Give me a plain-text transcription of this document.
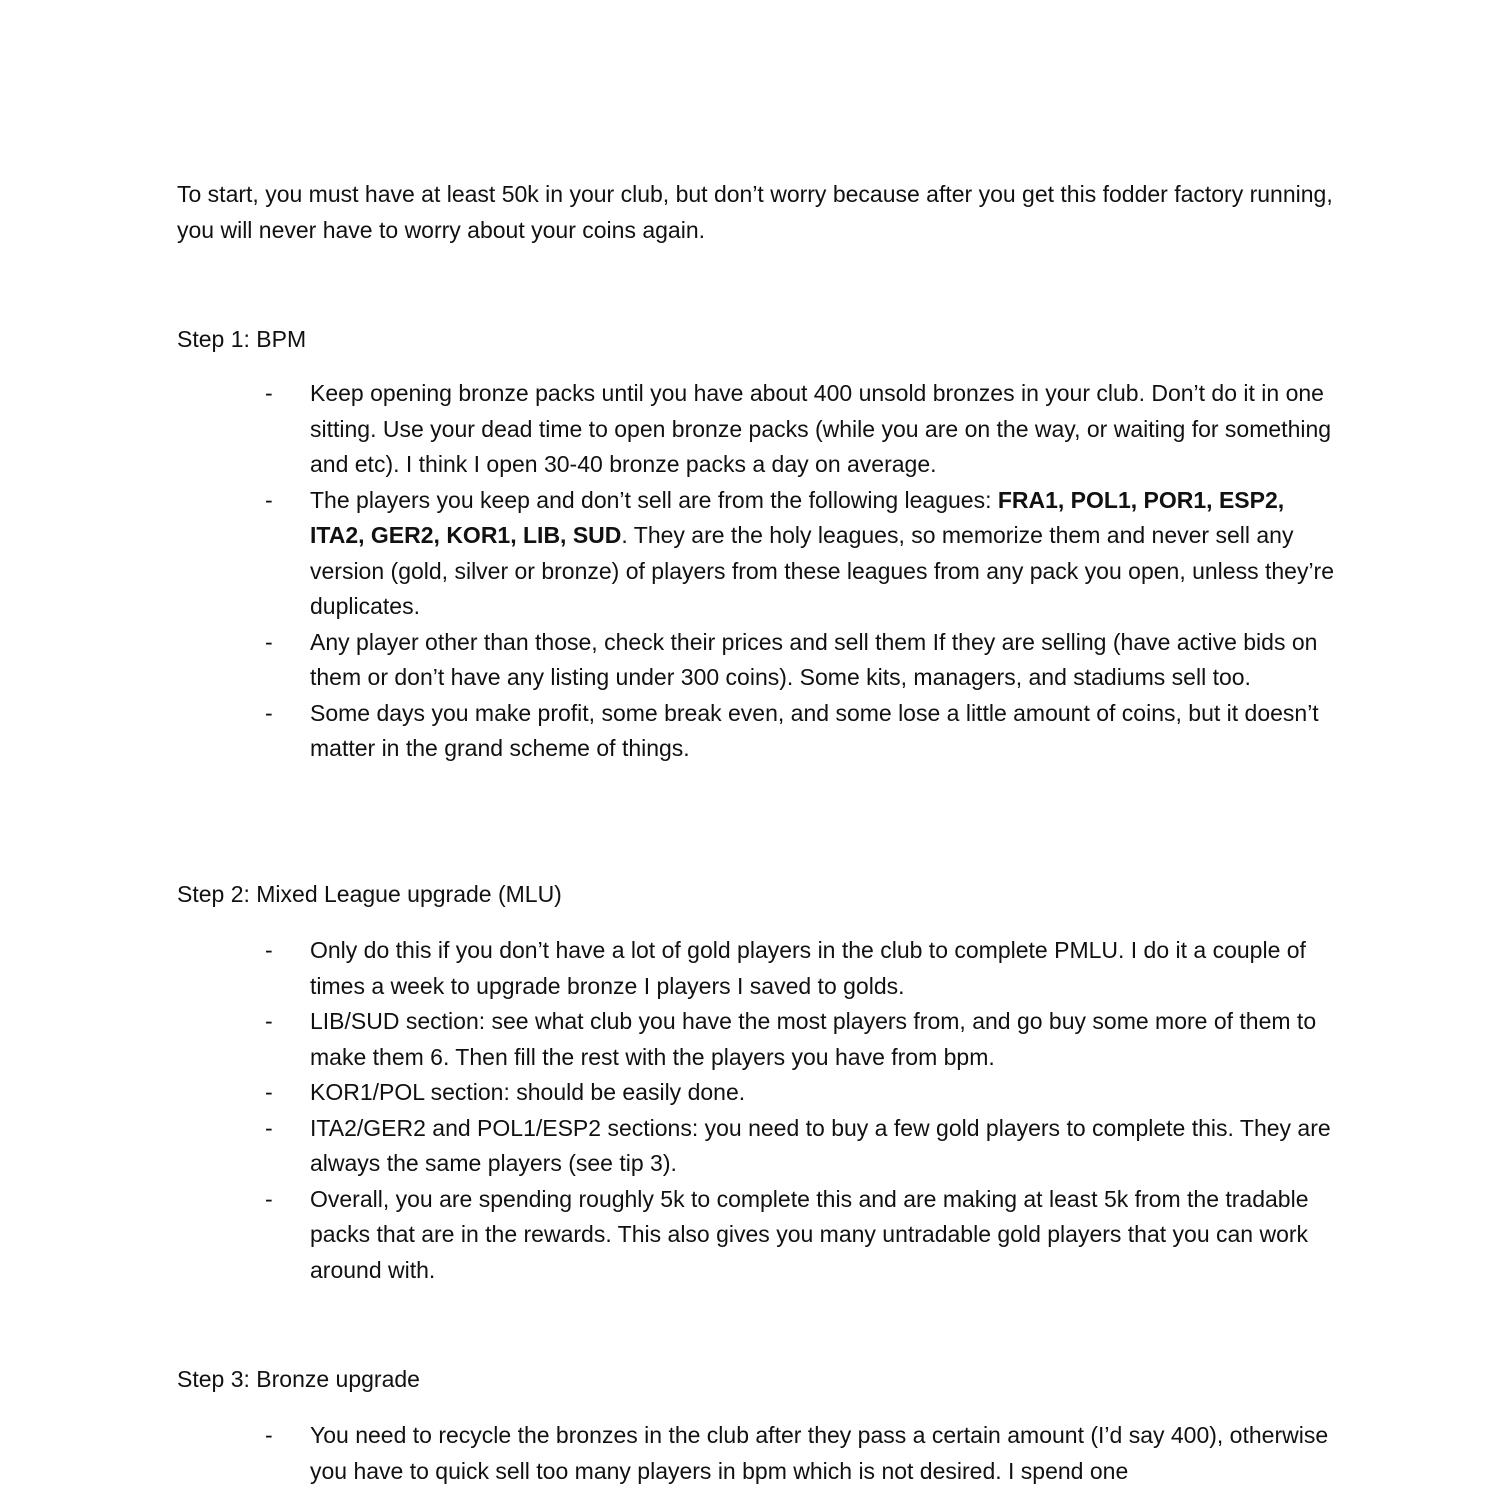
To start, you must have at least 50k in your club, but don’t worry because after you get this fodder factory running, you will never have to worry about your coins again.

Step 1: BPM
- Keep opening bronze packs until you have about 400 unsold bronzes in your club. Don’t do it in one sitting. Use your dead time to open bronze packs (while you are on the way, or waiting for something and etc). I think I open 30-40 bronze packs a day on average.
- The players you keep and don’t sell are from the following leagues: FRA1, POL1, POR1, ESP2, ITA2, GER2, KOR1, LIB, SUD. They are the holy leagues, so memorize them and never sell any version (gold, silver or bronze) of players from these leagues from any pack you open, unless they’re duplicates.
- Any player other than those, check their prices and sell them If they are selling (have active bids on them or don’t have any listing under 300 coins). Some kits, managers, and stadiums sell too.
- Some days you make profit, some break even, and some lose a little amount of coins, but it doesn’t matter in the grand scheme of things.
Step 2: Mixed League upgrade (MLU)
- Only do this if you don’t have a lot of gold players in the club to complete PMLU. I do it a couple of times a week to upgrade bronze I players I saved to golds.
- LIB/SUD section: see what club you have the most players from, and go buy some more of them to make them 6. Then fill the rest with the players you have from bpm.
- KOR1/POL section: should be easily done.
- ITA2/GER2 and POL1/ESP2 sections: you need to buy a few gold players to complete this. They are always the same players (see tip 3).
- Overall, you are spending roughly 5k to complete this and are making at least 5k from the tradable packs that are in the rewards. This also gives you many untradable gold players that you can work around with.
Step 3: Bronze upgrade
- You need to recycle the bronzes in the club after they pass a certain amount (I’d say 400), otherwise you have to quick sell too many players in bpm which is not desired. I spend one
